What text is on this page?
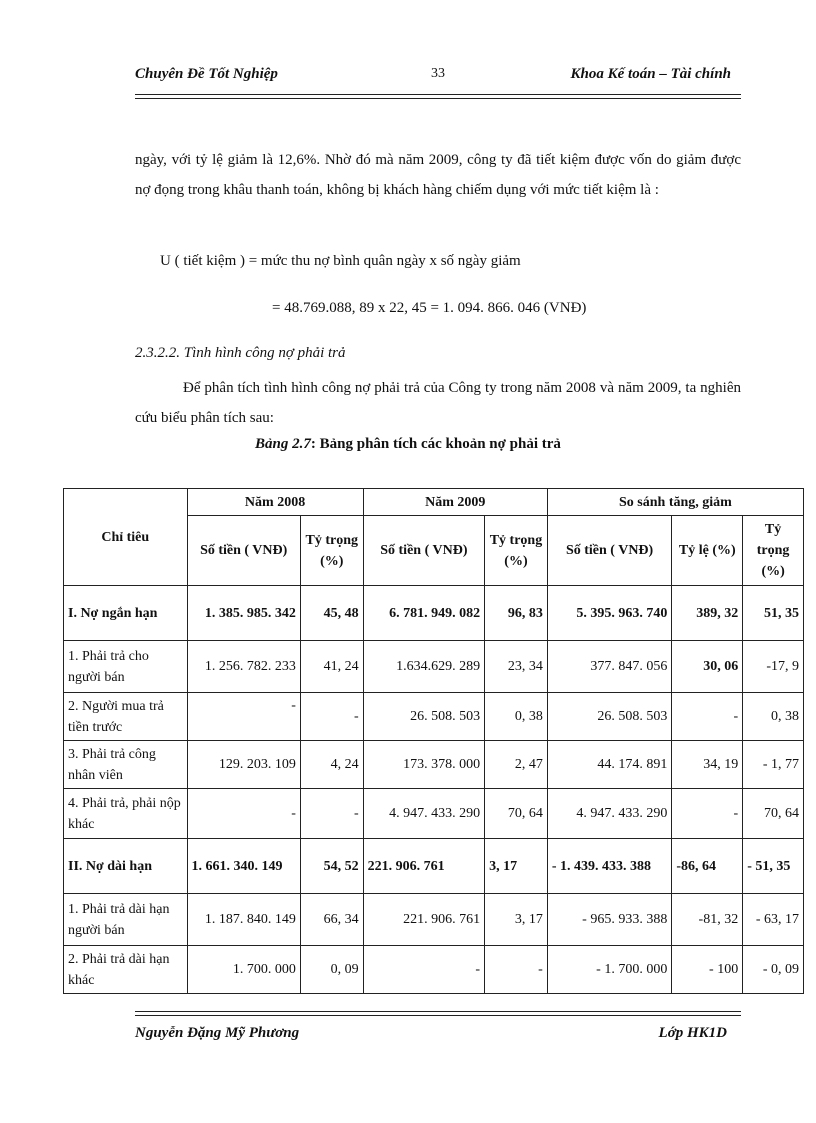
Chuyên Đề Tốt Nghiệp	33	Khoa Kế toán – Tài chính
ngày, với tỷ lệ giảm là 12,6%. Nhờ đó mà năm 2009, công ty đã tiết kiệm được vốn do giảm được nợ đọng trong khâu thanh toán, không bị khách hàng chiếm dụng với mức tiết kiệm là :
U ( tiết kiệm ) = mức thu nợ bình quân ngày x số ngày giảm
= 48.769.088, 89 x 22, 45 = 1. 094. 866. 046 (VNĐ)
2.3.2.2. Tình hình công nợ phải trả
Để phân tích tình hình công nợ phải trả của Công ty trong năm 2008 và năm 2009, ta nghiên cứu biểu phân tích sau:
Bảng 2.7: Bảng phân tích các khoản nợ phải trả
Chỉ tiêu	Năm 2008		Năm 2009		So sánh tăng, giảm		
	Số tiền ( VNĐ)	Tỷ trọng (%)	Số tiền ( VNĐ)	Tỷ trọng (%)	Số tiền ( VNĐ)	Tỷ lệ (%)	Tỷ trọng (%)
I. Nợ ngắn hạn	1. 385. 985. 342	45, 48	6. 781. 949. 082	96, 83	5. 395. 963. 740	389, 32	51, 35
1. Phải trả cho người bán	1. 256. 782. 233	41, 24	1.634.629. 289	23, 34	377. 847. 056	30, 06	-17, 9
2. Người mua trả tiền trước	-	-	26. 508. 503	0, 38	26. 508. 503	-	0, 38
3. Phải trả công nhân viên	129. 203. 109	4, 24	173. 378. 000	2, 47	44. 174. 891	34, 19	- 1, 77
4. Phải trả, phải nộp khác	-	-	4. 947. 433. 290	70, 64	4. 947. 433. 290	-	70, 64
II. Nợ dài hạn	1. 661. 340. 149	54, 52	221. 906. 761	3, 17	- 1. 439. 433. 388	-86, 64	- 51, 35
1. Phải trả dài hạn người bán	1. 187. 840. 149	66, 34	221. 906. 761	3, 17	- 965. 933. 388	-81, 32	- 63, 17
2. Phải trả dài hạn khác	1. 700. 000	0, 09	-	-	- 1. 700. 000	- 100	- 0, 09
Nguyễn Đặng Mỹ Phương	Lớp HK1D
